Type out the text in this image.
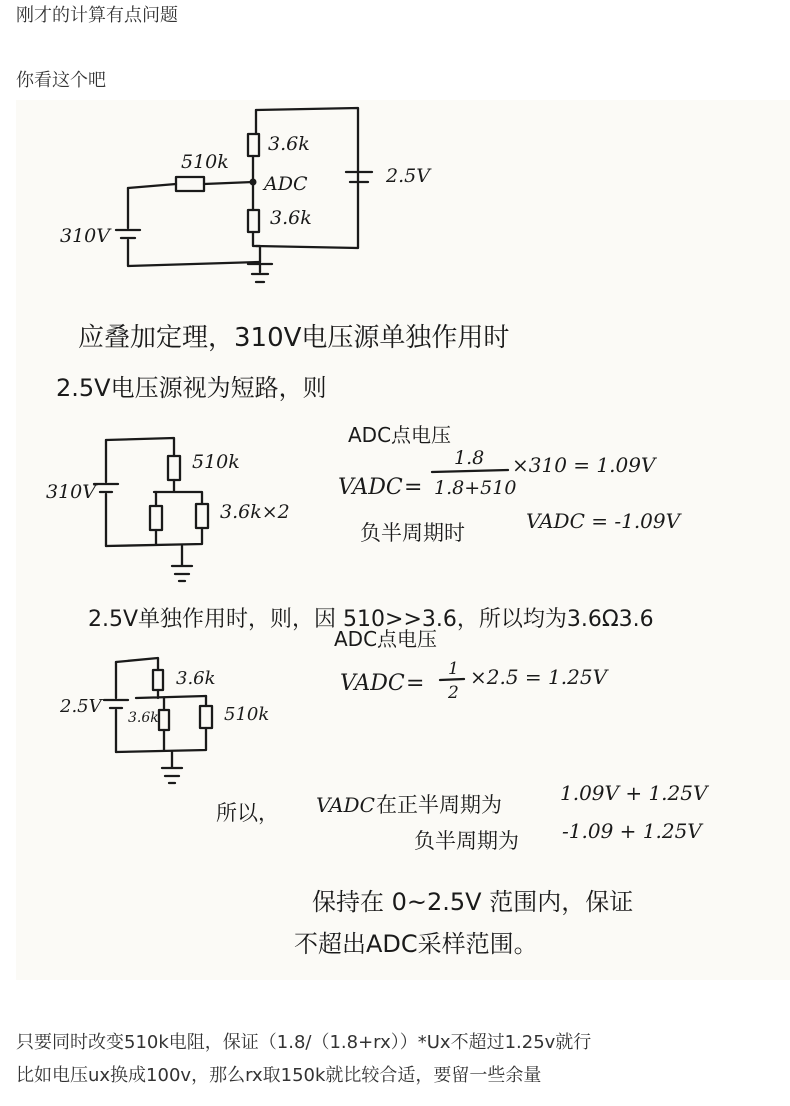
刚才的计算有点问题

你看这个吧

3.6k
510k
ADC
3.6k
310V
2.5V
应叠加定理，310V电压源单独作用时
2.5V电压源视为短路，则
510k
310V
3.6k×2
ADC点电压
VADC =
1.8
1.8+510
×310 = 1.09V
负半周期时	VADC = -1.09V
2.5V单独作用时，则，因 510>>3.6，所以均为3.6Ω3.6
3.6k
2.5V
3.6k	510k
ADC点电压
VADC =
1
2
×2.5 = 1.25V
所以， VADC 在正半周期为	1.09V + 1.25V
负半周期为 -1.09 + 1.25V
保持在 0~2.5V 范围内，保证
不超出ADC采样范围。

只要同时改变510k电阻，保证（1.8/（1.8+rx））*Ux不超过1.25v就行

比如电压ux换成100v，那么rx取150k就比较合适，要留一些余量
